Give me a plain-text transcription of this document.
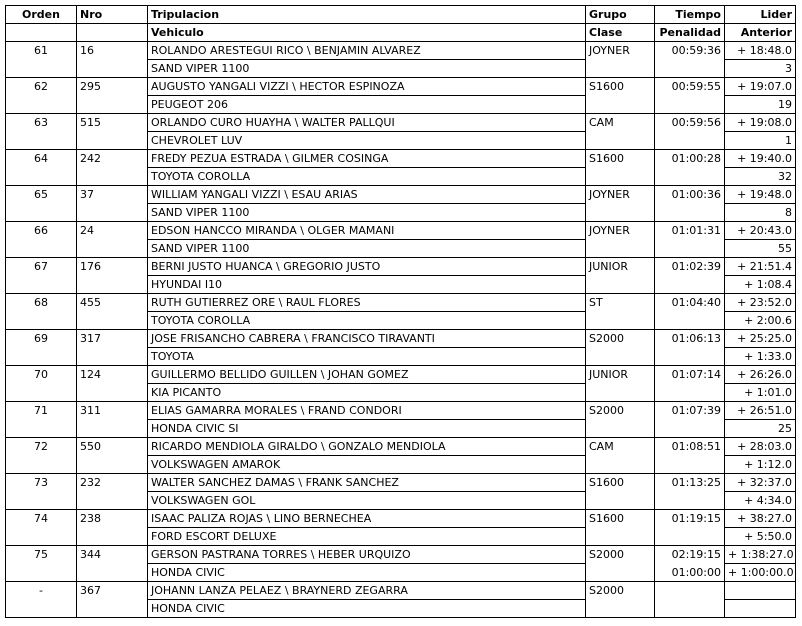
Orden	Nro	Tripulacion	Grupo	Tiempo	Lider
		Vehiculo	Clase	Penalidad	Anterior
61	16	ROLANDO ARESTEGUI RICO \ BENJAMIN ALVAREZ	JOYNER	00:59:36	+ 18:48.0
		SAND VIPER 1100			3
62	295	AUGUSTO YANGALI VIZZI \ HECTOR ESPINOZA	S1600	00:59:55	+ 19:07.0
		PEUGEOT 206			19
63	515	ORLANDO CURO HUAYHA \ WALTER PALLQUI	CAM	00:59:56	+ 19:08.0
		CHEVROLET LUV			1
64	242	FREDY PEZUA ESTRADA \ GILMER COSINGA	S1600	01:00:28	+ 19:40.0
		TOYOTA COROLLA			32
65	37	WILLIAM YANGALI VIZZI \ ESAU ARIAS	JOYNER	01:00:36	+ 19:48.0
		SAND VIPER 1100			8
66	24	EDSON HANCCO MIRANDA \ OLGER MAMANI	JOYNER	01:01:31	+ 20:43.0
		SAND VIPER 1100			55
67	176	BERNI JUSTO HUANCA \ GREGORIO JUSTO	JUNIOR	01:02:39	+ 21:51.4
		HYUNDAI I10			+ 1:08.4
68	455	RUTH GUTIERREZ ORE \ RAUL FLORES	ST	01:04:40	+ 23:52.0
		TOYOTA COROLLA			+ 2:00.6
69	317	JOSE FRISANCHO CABRERA \ FRANCISCO TIRAVANTI	S2000	01:06:13	+ 25:25.0
		TOYOTA			+ 1:33.0
70	124	GUILLERMO BELLIDO GUILLEN \ JOHAN GOMEZ	JUNIOR	01:07:14	+ 26:26.0
		KIA PICANTO			+ 1:01.0
71	311	ELIAS GAMARRA MORALES \ FRAND CONDORI	S2000	01:07:39	+ 26:51.0
		HONDA CIVIC SI			25
72	550	RICARDO MENDIOLA GIRALDO \ GONZALO MENDIOLA	CAM	01:08:51	+ 28:03.0
		VOLKSWAGEN AMAROK			+ 1:12.0
73	232	WALTER SANCHEZ DAMAS \ FRANK SANCHEZ	S1600	01:13:25	+ 32:37.0
		VOLKSWAGEN GOL			+ 4:34.0
74	238	ISAAC PALIZA ROJAS \ LINO BERNECHEA	S1600	01:19:15	+ 38:27.0
		FORD ESCORT DELUXE			+ 5:50.0
75	344	GERSON PASTRANA TORRES \ HEBER URQUIZO	S2000	02:19:15	+ 1:38:27.0
		HONDA CIVIC		01:00:00	+ 1:00:00.0
-	367	JOHANN LANZA PELAEZ \ BRAYNERD ZEGARRA	S2000		
		HONDA CIVIC			
